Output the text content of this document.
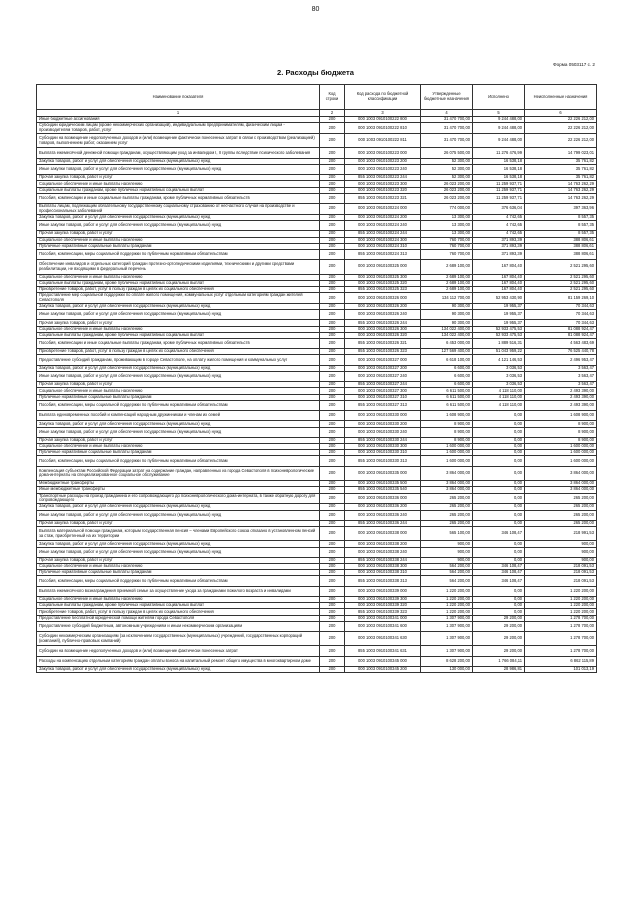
80
Форма 0503117 с. 2
2. Расходы бюджета
Наименование показателя	Код строки	Код расхода по бюджетной классификации	Утвержденные бюджетные назначения	Исполнено	Неисполненные назначения
1	2	3	4	5	6
Иные бюджетные ассигнования	200	000 1003 0910100222 800	31 470 700,00	9 244 488,00	22 226 212,00
Субсидии юридическим лицам (кроме некоммерческих организаций), индивидуальным предпринимателям, физическим лицам - производителям товаров, работ, услуг	200	000 1003 0910100222 810	31 470 700,00	9 244 488,00	22 226 212,00
Субсидии на возмещение недополученных доходов и (или) возмещение фактически понесенных затрат в связи с производством (реализацией) товаров, выполнением работ, оказанием услуг	200	000 1003 0910100222 811	31 470 700,00	9 244 488,00	22 226 212,00
Выплата ежемесячной денежной помощи гражданам, осуществляющим уход за инвалидом I, II группы вследствие психического заболевания	200	000 1003 0910100223 000	26 075 500,00	11 276 476,99	14 799 023,01
Закупка товаров, работ и услуг для обеспечения государственных (муниципальных) нужд	200	000 1003 0910100223 200	52 300,00	16 538,18	35 761,82
Иные закупки товаров, работ и услуг для обеспечения государственных (муниципальных) нужд	200	000 1003 0910100223 240	52 300,00	16 538,18	35 761,82
Прочая закупка товаров, работ и услуг	200	855 1003 0910100223 244	52 300,00	16 538,18	35 761,82
Социальное обеспечение и иные выплаты населению	200	000 1003 0910100223 300	26 023 200,00	11 259 937,71	14 763 262,29
Социальные выплаты гражданам, кроме публичных нормативных социальных выплат	200	000 1003 0910100223 320	26 023 200,00	11 259 937,71	14 763 262,29
Пособия, компенсации и иные социальные выплаты гражданам, кроме публичных нормативных обязательств	200	855 1003 0910100223 321	26 023 200,00	11 259 937,71	14 763 262,29
Выплаты лицам, подлежащим обязательному государственному социальному страхованию от несчастного случая на производстве и профессиональных заболеваний	200	000 1003 0910100224 000	774 000,00	376 636,04	397 363,96
Закупка товаров, работ и услуг для обеспечения государственных (муниципальных) нужд	200	000 1003 0910100224 200	13 300,00	4 742,65	8 557,35
Иные закупки товаров, работ и услуг для обеспечения государственных (муниципальных) нужд	200	000 1003 0910100224 240	13 300,00	4 742,65	8 557,35
Прочая закупка товаров, работ и услуг	200	855 1003 0910100224 244	13 300,00	4 742,65	8 557,35
Социальное обеспечение и иные выплаты населению	200	000 1003 0910100224 300	760 700,00	371 893,39	388 806,61
Публичные нормативные социальные выплаты гражданам	200	000 1003 0910100224 310	760 700,00	371 893,39	388 806,61
Пособия, компенсации, меры социальной поддержки по публичным нормативным обязательствам	200	855 1003 0910100224 313	760 700,00	371 893,39	388 806,61
Обеспечение инвалидов и отдельных категорий граждан протезно-ортопедическими изделиями, техническими и другими средствами реабилитации, не входящими в федеральный перечень	200	000 1003 0910100325 000	2 689 100,00	167 804,40	2 521 295,60
Социальное обеспечение и иные выплаты населению	200	000 1003 0910100325 300	2 689 100,00	167 804,40	2 521 295,60
Социальные выплаты гражданам, кроме публичных нормативных социальных выплат	200	000 1003 0910100325 320	2 689 100,00	167 804,40	2 521 295,60
Приобретение товаров, работ, услуг в пользу граждан в целях их социального обеспечения	200	855 1003 0910100325 323	2 689 100,00	167 804,40	2 521 295,60
Предоставление мер социальной поддержки по оплате жилого помещения, коммунальных услуг отдельным категориям граждан жителей Севастополя	200	000 1003 0910100326 000	134 112 700,00	52 953 430,90	81 159 269,10
Закупка товаров, работ и услуг для обеспечения государственных (муниципальных) нужд	200	000 1003 0910100326 200	90 300,00	19 955,37	70 344,63
Иные закупки товаров, работ и услуг для обеспечения государственных (муниципальных) нужд	200	000 1003 0910100326 240	90 300,00	19 955,37	70 344,63
Прочая закупка товаров, работ и услуг	200	855 1003 0910100326 244	90 300,00	19 955,37	70 344,63
Социальное обеспечение и иные выплаты населению	200	000 1003 0910100326 300	134 022 400,00	52 933 475,53	81 088 924,47
Социальные выплаты гражданам, кроме публичных нормативных социальных выплат	200	000 1003 0910100326 320	134 022 400,00	52 933 475,53	81 088 924,47
Пособия, компенсации и иные социальные выплаты гражданам, кроме публичных нормативных обязательств	200	855 1003 0910100326 321	6 453 000,00	1 889 516,31	4 563 483,69
Приобретение товаров, работ, услуг в пользу граждан в целях их социального обеспечения	200	855 1003 0910100326 323	127 569 400,00	51 043 959,22	76 525 440,78
Предоставление субсидий гражданам, проживающим в городе Севастополе, на оплату жилого помещения и коммунальных услуг	200	000 1003 0910100327 000	6 618 100,00	4 121 146,53	2 496 953,47
Закупка товаров, работ и услуг для обеспечения государственных (муниципальных) нужд	200	000 1003 0910100327 200	6 600,00	3 036,53	3 563,47
Иные закупки товаров, работ и услуг для обеспечения государственных (муниципальных) нужд	200	000 1003 0910100327 240	6 600,00	3 036,53	3 563,47
Прочая закупка товаров, работ и услуг	200	855 1003 0910100327 244	6 600,00	3 036,53	3 563,47
Социальное обеспечение и иные выплаты населению	200	000 1003 0910100327 300	6 611 500,00	4 118 110,00	2 493 390,00
Публичные нормативные социальные выплаты гражданам	200	000 1003 0910100327 310	6 611 500,00	4 118 110,00	2 493 390,00
Пособия, компенсации, меры социальной поддержки по публичным нормативным обязательствам	200	855 1003 0910100327 313	6 611 500,00	4 118 110,00	2 493 390,00
Выплата единовременных пособий и компенсаций народным дружинникам и членам их семей	200	000 1003 0910100330 000	1 608 900,00	0,00	1 608 900,00
Закупка товаров, работ и услуг для обеспечения государственных (муниципальных) нужд	200	000 1003 0910100330 200	8 900,00	0,00	8 900,00
Иные закупки товаров, работ и услуг для обеспечения государственных (муниципальных) нужд	200	000 1003 0910100330 240	8 900,00	0,00	8 900,00
Прочая закупка товаров, работ и услуг	200	855 1003 0910100330 244	8 900,00	0,00	8 900,00
Социальное обеспечение и иные выплаты населению	200	000 1003 0910100330 300	1 600 000,00	0,00	1 600 000,00
Публичные нормативные социальные выплаты гражданам	200	000 1003 0910100330 310	1 600 000,00	0,00	1 600 000,00
Пособия, компенсации, меры социальной поддержки по публичным нормативным обязательствам	200	855 1003 0910100330 313	1 600 000,00	0,00	1 600 000,00
Компенсация субъектам Российской Федерации затрат на содержание граждан, направленных из города Севастополя в психоневрологические дома-интернаты на специализированное социальное обслуживание	200	000 1003 0910100335 000	3 864 000,00	0,00	3 864 000,00
Межбюджетные трансферты	200	000 1003 0910100335 500	3 864 000,00	0,00	3 864 000,00
Иные межбюджетные трансферты	200	855 1003 0910100335 540	3 864 000,00	0,00	3 864 000,00
Транспортные расходы на проезд гражданина и его сопровождающего до психоневрологического дома-интерната, в также обратную дорогу для сопровождающего	200	000 1003 0910100336 000	265 200,00	0,00	265 200,00
Закупка товаров, работ и услуг для обеспечения государственных (муниципальных) нужд	200	000 1003 0910100336 200	265 200,00	0,00	265 200,00
Иные закупки товаров, работ и услуг для обеспечения государственных (муниципальных) нужд	200	000 1003 0910100336 240	265 200,00	0,00	265 200,00
Прочая закупка товаров, работ и услуг	200	855 1003 0910100336 244	265 200,00	0,00	265 200,00
Выплата материальной помощи гражданам, которым государственная пенсия – членами Европейского союза отказано в установленном пенсий за стаж, приобретенный на их территории	200	000 1003 0910100338 000	565 100,00	346 108,47	218 991,53
Закупка товаров, работ и услуг для обеспечения государственных (муниципальных) нужд	200	000 1003 0910100338 200	900,00	0,00	900,00
Иные закупки товаров, работ и услуг для обеспечения государственных (муниципальных) нужд	200	000 1003 0910100338 240	900,00	0,00	900,00
Прочая закупка товаров, работ и услуг	200	855 1003 0910100338 244	900,00	0,00	900,00
Социальное обеспечение и иные выплаты населению	200	000 1003 0910100338 300	564 200,00	346 108,47	218 091,53
Публичные нормативные социальные выплаты гражданам	200	000 1003 0910100338 310	564 200,00	346 108,47	218 091,53
Пособия, компенсации, меры социальной поддержки по публичным нормативным обязательствам	200	855 1003 0910100338 313	564 200,00	346 108,47	218 091,53
Выплата ежемесячного вознаграждения приемной семье за осуществление ухода за гражданами пожилого возраста и инвалидами	200	000 1003 0910100339 000	1 220 200,00	0,00	1 220 200,00
Социальное обеспечение и иные выплаты населению	200	000 1003 0910100339 300	1 220 200,00	0,00	1 220 200,00
Социальные выплаты гражданам, кроме публичных нормативных социальных выплат	200	000 1003 0910100339 320	1 220 200,00	0,00	1 220 200,00
Приобретение товаров, работ, услуг в пользу граждан в целях их социального обеспечения	200	855 1003 0910100339 323	1 220 200,00	0,00	1 220 200,00
Предоставление бесплатной юридической помощи жителям города Севастополя	200	000 1003 0910100341 000	1 307 900,00	29 200,00	1 278 700,00
Предоставление субсидий бюджетным, автономным учреждениям и иным некоммерческим организациям	200	000 1003 0910100341 600	1 307 900,00	29 200,00	1 278 700,00
Субсидии некоммерческим организациям (за исключением государственных (муниципальных) учреждений, государственных корпораций (компаний), публично-правовых компаний)	200	000 1003 0910100341 630	1 307 900,00	29 200,00	1 278 700,00
Субсидии на возмещение недополученных доходов и (или) возмещение фактически понесенных затрат	200	855 1003 0910100341 631	1 307 900,00	29 200,00	1 278 700,00
Расходы на компенсацию отдельным категориям граждан оплаты взноса на капитальный ремонт общего имущества в многоквартирном доме	200	000 1003 0910100345 000	8 628 200,00	1 766 084,11	6 862 115,89
Закупка товаров, работ и услуг для обеспечения государственных (муниципальных) нужд	200	000 1003 0910100345 200	130 000,00	28 986,81	101 013,19
